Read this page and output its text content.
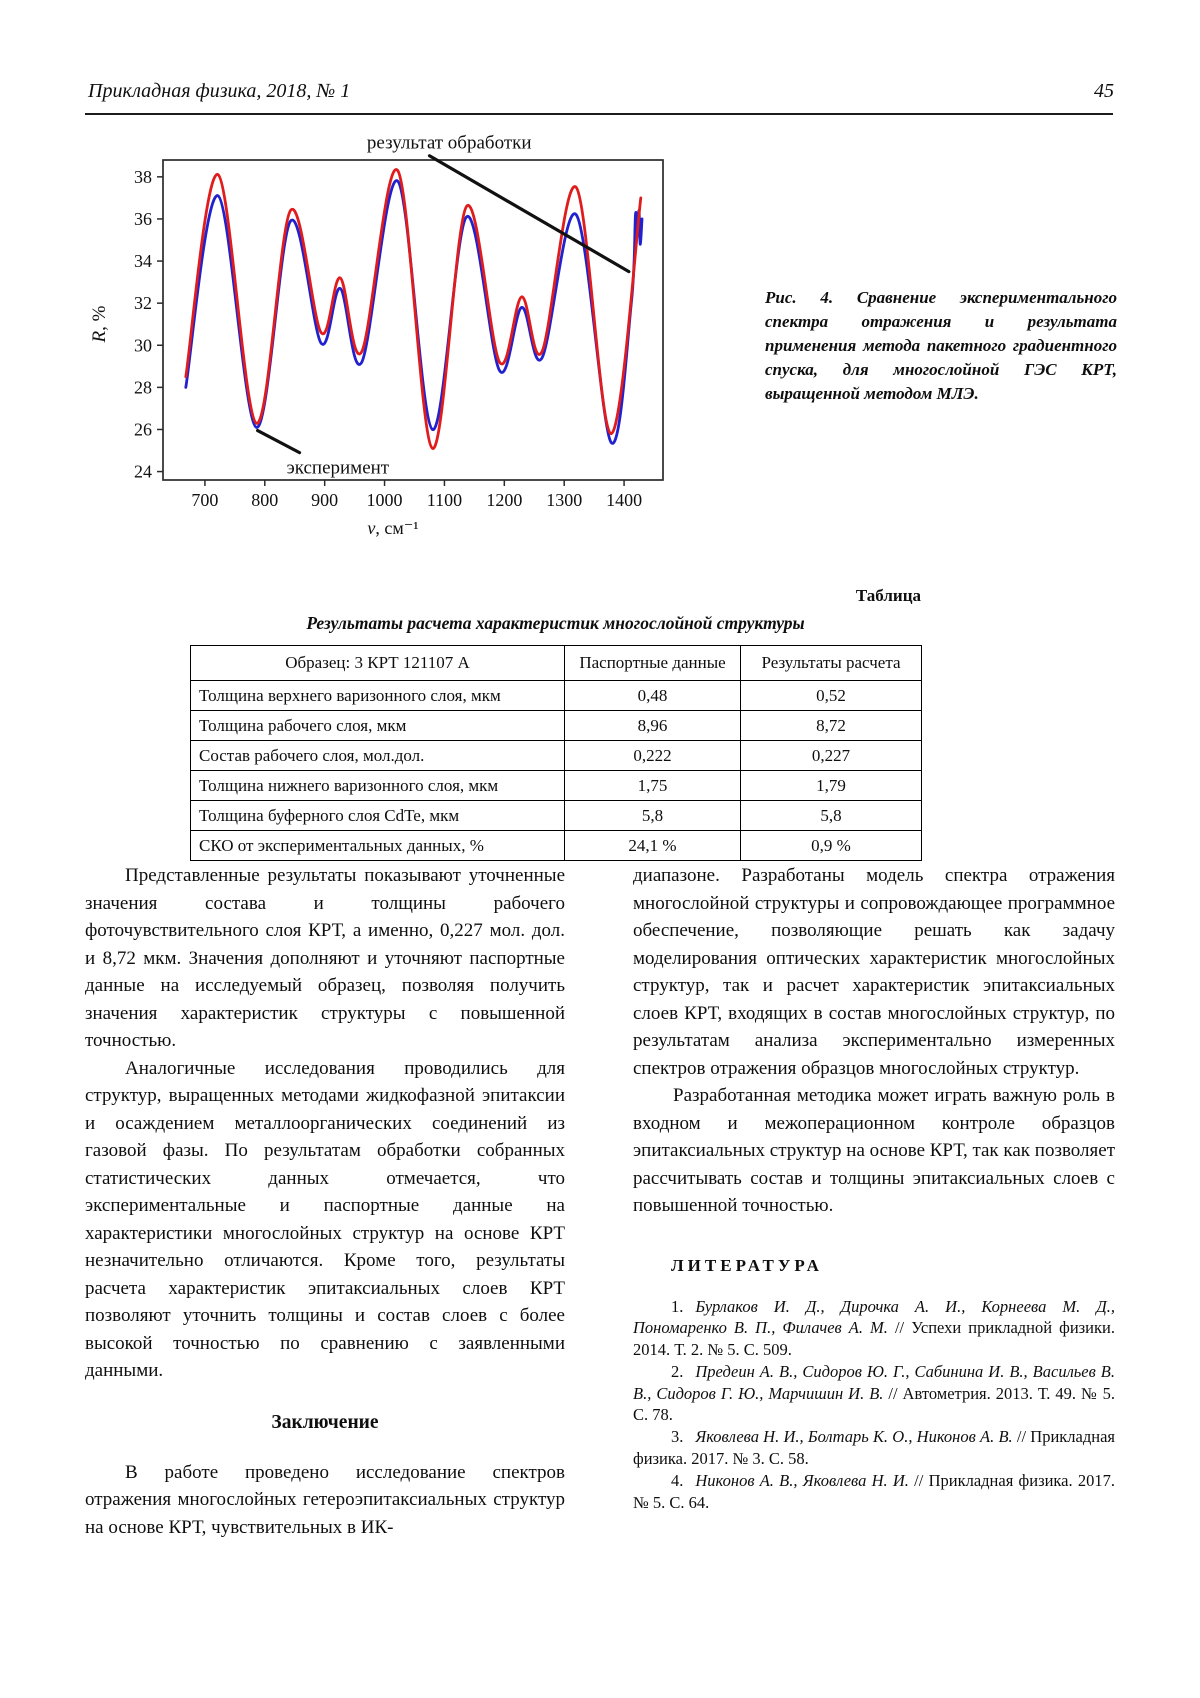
Прикладная физика, 2018, № 1	45
24
26
28
30
32
34
36
38
700 800 900 1000 1100 1200 1300 1400
R, %
ν, см⁻¹
результат обработки
эксперимент
Рис. 4. Сравнение экспериментального спектра отражения и результата применения метода пакетного градиентного спуска, для многослойной ГЭС КРТ, выращенной методом МЛЭ.
Таблица
Результаты расчета характеристик многослойной структуры
Образец: 3 КРТ 121107 А	Паспортные данные	Результаты расчета
Толщина верхнего варизонного слоя, мкм	0,48	0,52
Толщина рабочего слоя, мкм	8,96	8,72
Состав рабочего слоя, мол.дол.	0,222	0,227
Толщина нижнего варизонного слоя, мкм	1,75	1,79
Толщина буферного слоя CdTe, мкм	5,8	5,8
СКО от экспериментальных данных, %	24,1 %	0,9 %

Представленные результаты показывают уточненные значения состава и толщины рабочего фоточувствительного слоя КРТ, а именно, 0,227 мол. дол. и 8,72 мкм. Значения дополняют и уточняют паспортные данные на исследуемый образец, позволяя получить значения характеристик структуры с повышенной точностью.

Аналогичные исследования проводились для структур, выращенных методами жидкофазной эпитаксии и осаждением металлоорганических соединений из газовой фазы. По результатам обработки собранных статистических данных отмечается, что экспериментальные и паспортные данные на характеристики многослойных структур на основе КРТ незначительно отличаются. Кроме того, результаты расчета характеристик эпитаксиальных слоев КРТ позволяют уточнить толщины и состав слоев с более высокой точностью по сравнению с заявленными данными.

Заключение

В работе проведено исследование спектров отражения многослойных гетероэпитаксиальных структур на основе КРТ, чувствительных в ИК-

диапазоне. Разработаны модель спектра отражения многослойной структуры и сопровождающее программное обеспечение, позволяющие решать как задачу моделирования оптических характеристик многослойных структур, так и расчет характеристик эпитаксиальных слоев КРТ, входящих в состав многослойных структур, по результатам анализа экспериментально измеренных спектров отражения образцов многослойных структур.

Разработанная методика может играть важную роль в входном и межоперационном контроле образцов эпитаксиальных структур на основе КРТ, так как позволяет рассчитывать состав и толщины эпитаксиальных слоев с повышенной точностью.

ЛИТЕРАТУРА

1. Бурлаков И. Д., Дирочка А. И., Корнеева М. Д., Пономаренко В. П., Филачев А. М. // Успехи прикладной физики. 2014. Т. 2. № 5. С. 509.

2. Предеин А. В., Сидоров Ю. Г., Сабинина И. В., Васильев В. В., Сидоров Г. Ю., Марчишин И. В. // Автометрия. 2013. Т. 49. № 5. С. 78.

3. Яковлева Н. И., Болтарь К. О., Никонов А. В. // Прикладная физика. 2017. № 3. С. 58.

4. Никонов А. В., Яковлева Н. И. // Прикладная физика. 2017. № 5. С. 64.
